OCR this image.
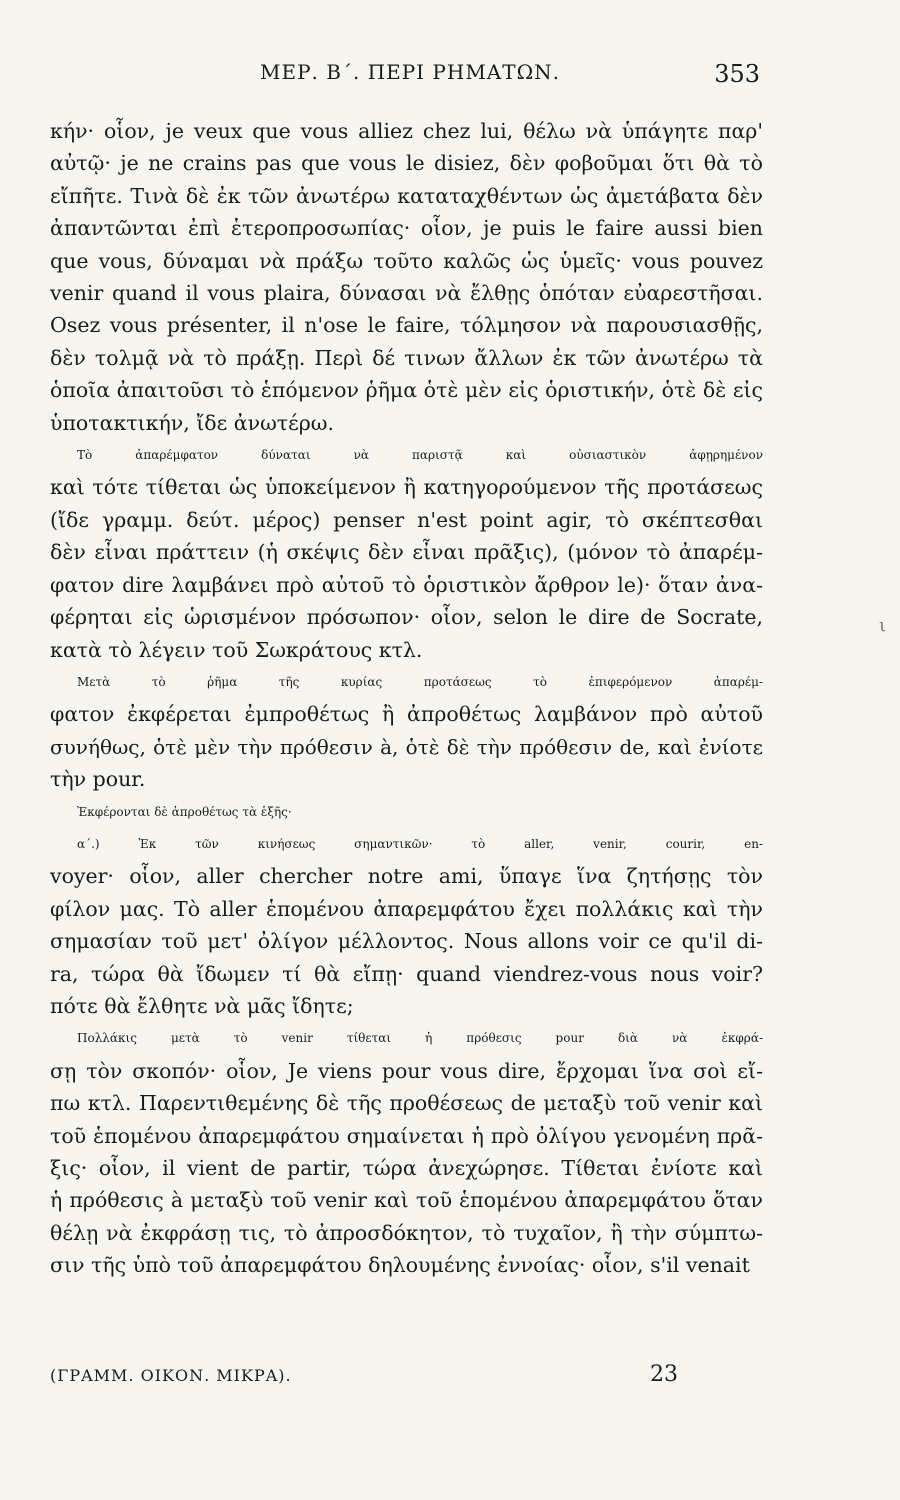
ΜΕΡ. Β΄. ΠΕΡΙ ΡΗΜΑΤΩΝ.	353
κήν· οἷον, je veux que vous alliez chez lui, θέλω νὰ ὑπάγητε παρ'
αὐτῷ· je ne crains pas que vous le disiez, δὲν φοβοῦμαι ὅτι θὰ τὸ
εἴπῆτε. Τινὰ δὲ ἐκ τῶν ἀνωτέρω καταταχθέντων ὡς ἀμετάβατα δὲν
ἀπαντῶνται ἐπὶ ἑτεροπροσωπίας· οἷον, je puis le faire aussi bien
que vous, δύναμαι νὰ πράξω τοῦτο καλῶς ὡς ὑμεῖς· vous pouvez
venir quand il vous plaira, δύνασαι νὰ ἔλθῃς ὁπόταν εὐαρεστῆσαι.
Osez vous présenter, il n'ose le faire, τόλμησον νὰ παρουσιασθῇς,
δὲν τολμᾷ νὰ τὸ πράξῃ. Περὶ δέ τινων ἄλλων ἐκ τῶν ἀνωτέρω τὰ
ὁποῖα ἀπαιτοῦσι τὸ ἑπόμενον ῥῆμα ὁτὲ μὲν εἰς ὁριστικήν, ὁτὲ δὲ εἰς
ὑποτακτικήν, ἴδε ἀνωτέρω.
Τὸ ἀπαρέμφατον δύναται νὰ παριστᾷ καὶ οὐσιαστικὸν ἀφῃρημένον
καὶ τότε τίθεται ὡς ὑποκείμενον ἢ κατηγορούμενον τῆς προτάσεως
(ἴδε γραμμ. δεύτ. μέρος) penser n'est point agir, τὸ σκέπτεσθαι
δὲν εἶναι πράττειν (ἡ σκέψις δὲν εἶναι πρᾶξις), (μόνον τὸ ἀπαρέμ-
φατον dire λαμβάνει πρὸ αὐτοῦ τὸ ὁριστικὸν ἄρθρον le)· ὅταν ἀνα-
φέρηται εἰς ὡρισμένον πρόσωπον· οἷον, selon le dire de Socrate,
κατὰ τὸ λέγειν τοῦ Σωκράτους κτλ.
Μετὰ τὸ ῥῆμα τῆς κυρίας προτάσεως τὸ ἐπιφερόμενον ἀπαρέμ-
φατον ἐκφέρεται ἐμπροθέτως ἢ ἀπροθέτως λαμβάνον πρὸ αὐτοῦ
συνήθως, ὁτὲ μὲν τὴν πρόθεσιν à, ὁτὲ δὲ τὴν πρόθεσιν de, καὶ ἐνίοτε
τὴν pour.
Ἐκφέρονται δὲ ἀπροθέτως τὰ ἑξῆς·
α΄.) Ἐκ τῶν κινήσεως σημαντικῶν· τὸ aller, venir, courir, en-
voyer· οἷον, aller chercher notre ami, ὕπαγε ἵνα ζητήσῃς τὸν
φίλον μας. Τὸ aller ἑπομένου ἀπαρεμφάτου ἔχει πολλάκις καὶ τὴν
σημασίαν τοῦ μετ' ὀλίγον μέλλοντος. Nous allons voir ce qu'il di-
ra, τώρα θὰ ἴδωμεν τί θὰ εἴπῃ· quand viendrez-vous nous voir?
πότε θὰ ἔλθητε νὰ μᾶς ἴδητε;
Πολλάκις μετὰ τὸ venir τίθεται ἡ πρόθεσις pour διὰ νὰ ἐκφρά-
σῃ τὸν σκοπόν· οἷον, Je viens pour vous dire, ἔρχομαι ἵνα σοὶ εἴ-
πω κτλ. Παρεντιθεμένης δὲ τῆς προθέσεως de μεταξὺ τοῦ venir καὶ
τοῦ ἑπομένου ἀπαρεμφάτου σημαίνεται ἡ πρὸ ὀλίγου γενομένη πρᾶ-
ξις· οἷον, il vient de partir, τώρα ἀνεχώρησε. Τίθεται ἐνίοτε καὶ
ἡ πρόθεσις à μεταξὺ τοῦ venir καὶ τοῦ ἑπομένου ἀπαρεμφάτου ὅταν
θέλῃ νὰ ἐκφράσῃ τις, τὸ ἀπροσδόκητον, τὸ τυχαῖον, ἢ τὴν σύμπτω-
σιν τῆς ὑπὸ τοῦ ἀπαρεμφάτου δηλουμένης ἐννοίας· οἷον, s'il venait
(ΓΡΑΜΜ. ΟΙΚΟΝ. ΜΙΚΡΑ).	23
ι
